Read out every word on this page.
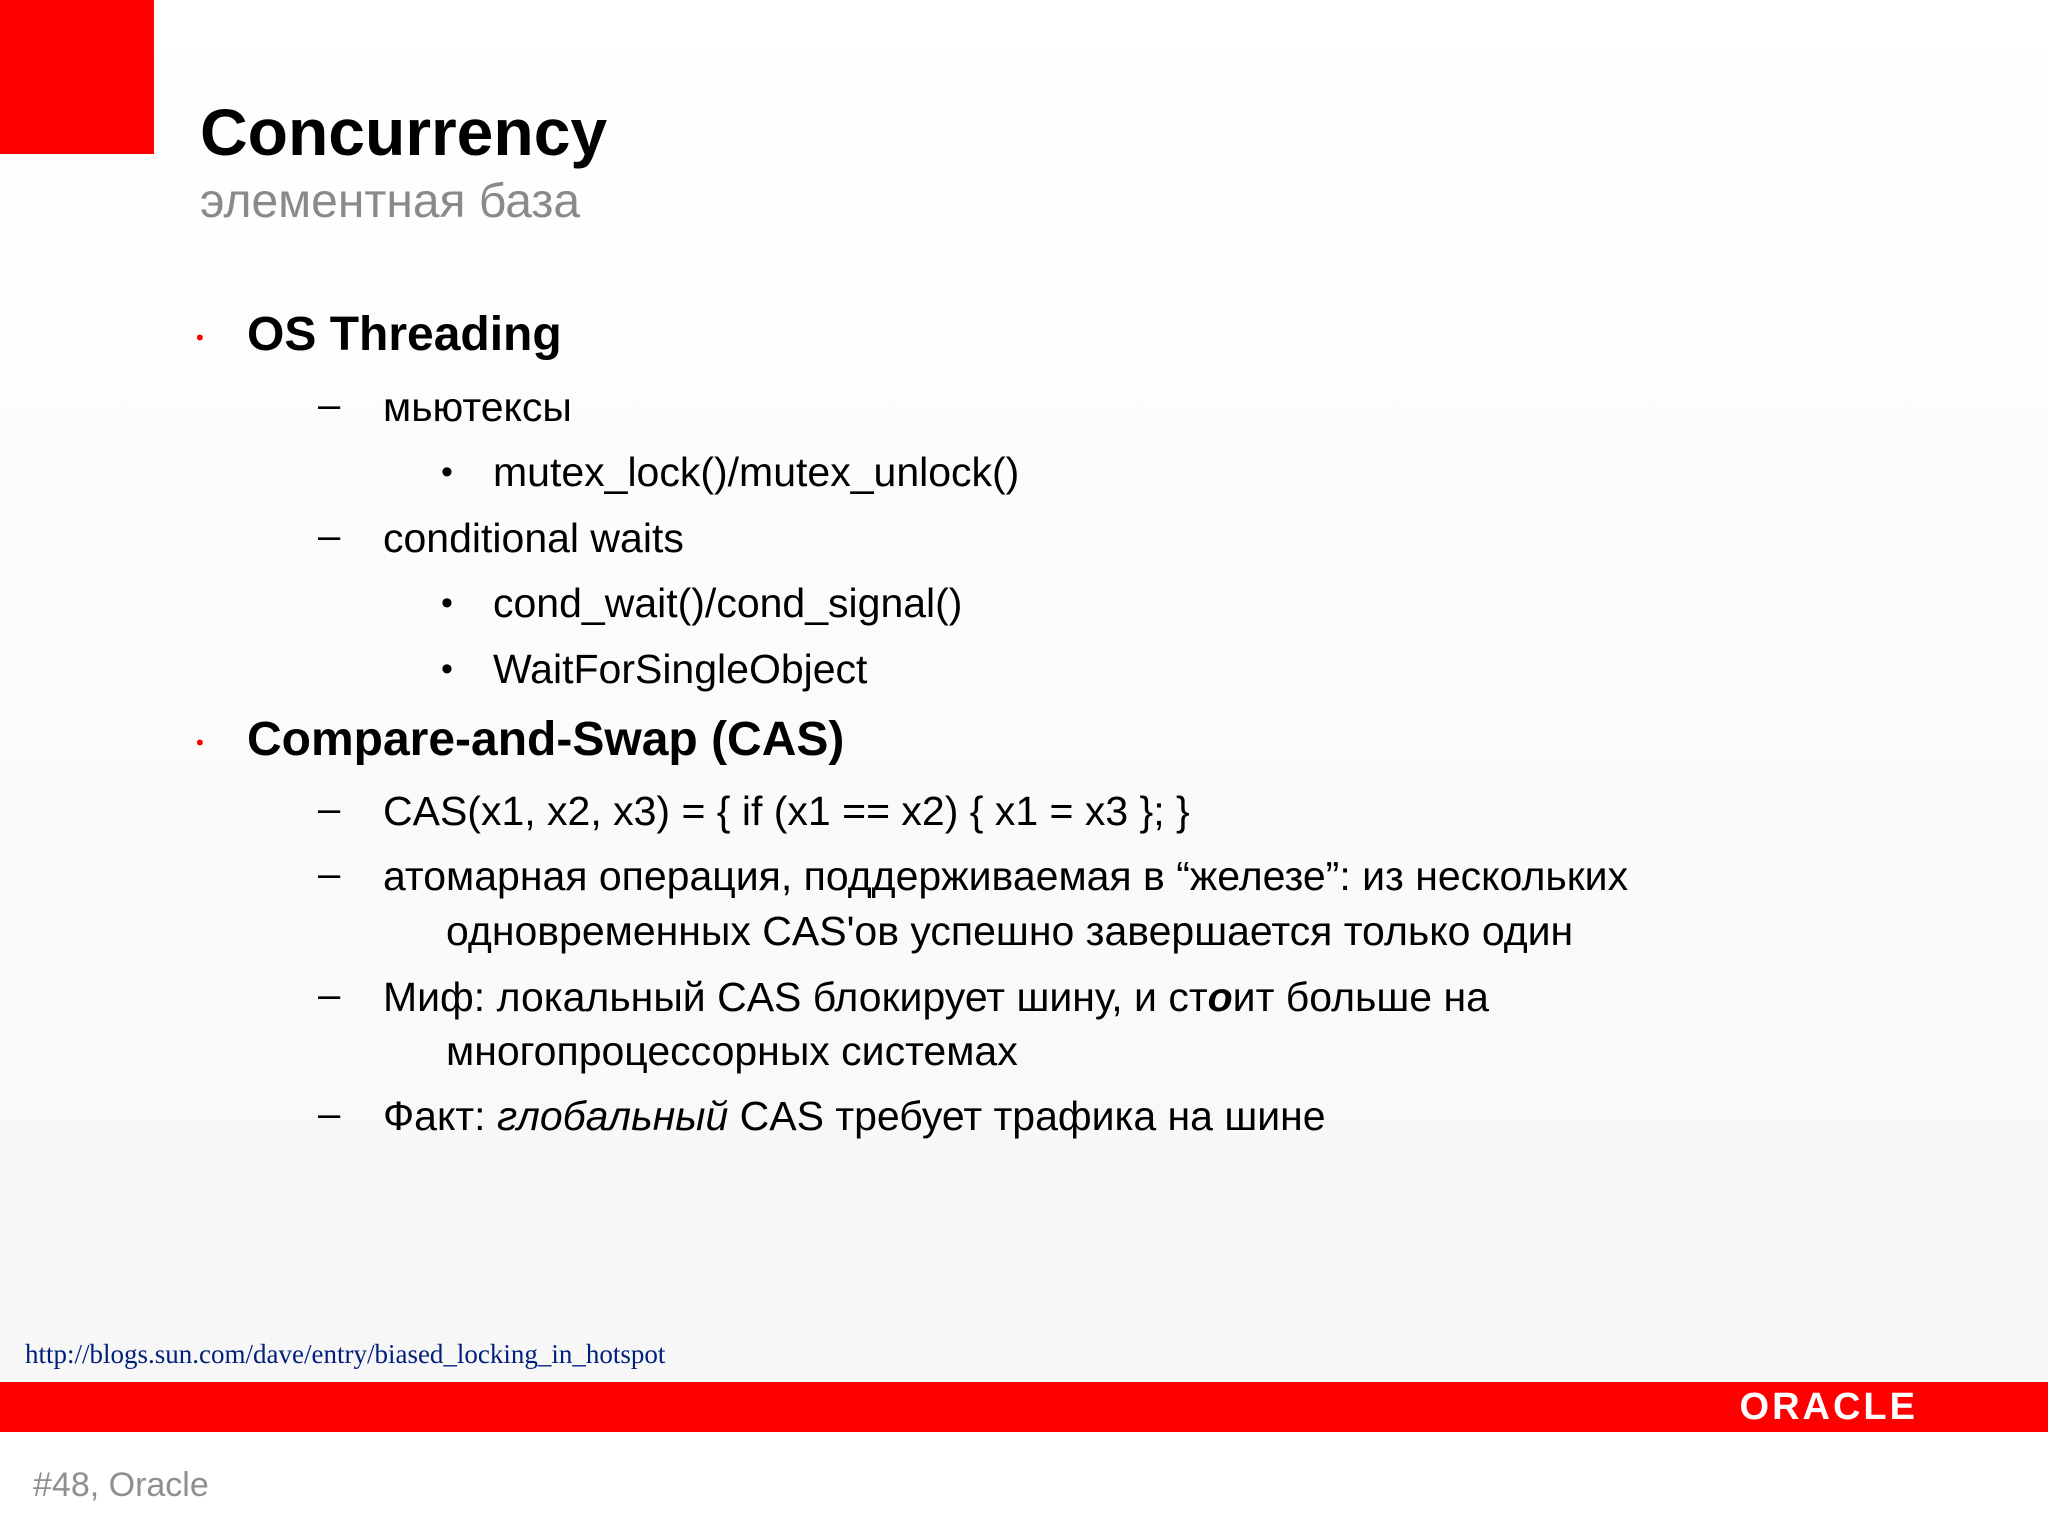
Concurrency
элементная база
• OS Threading
– мьютексы
• mutex_lock()/mutex_unlock()
– conditional waits
• cond_wait()/cond_signal()
• WaitForSingleObject
• Compare-and-Swap (CAS)
– CAS(x1, x2, x3) = { if (x1 == x2) { x1 = x3 }; }
– атомарная операция, поддерживаемая в “железе”: из нескольких
одновременных CAS'ов успешно завершается только один
– Миф: локальный CAS блокирует шину, и стоит больше на
многопроцессорных системах
– Факт: глобальный CAS требует трафика на шине
http://blogs.sun.com/dave/entry/biased_locking_in_hotspot
ORACLE
#48, Oracle
